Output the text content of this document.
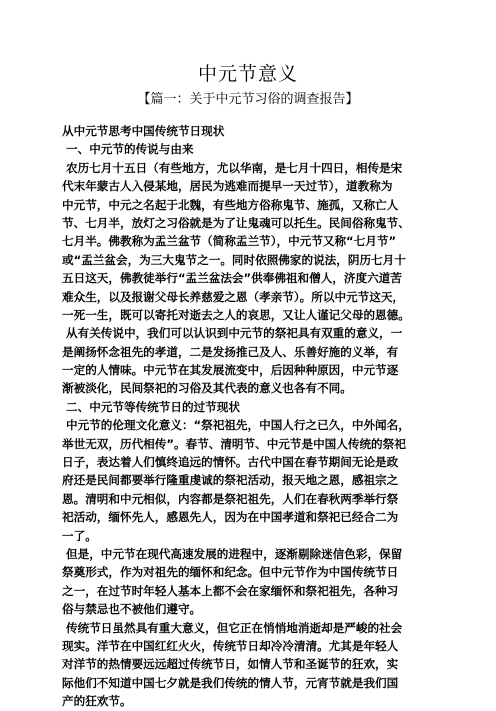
中元节意义
【篇一：关于中元节习俗的调查报告】
从中元节思考中国传统节日现状
一、中元节的传说与由来
农历七月十五日（有些地方，尤以华南，是七月十四日，相传是宋
代末年蒙古人入侵某地，居民为逃难而提早一天过节），道教称为
中元节，中元之名起于北魏，有些地方俗称鬼节、施孤，又称亡人
节、七月半，放灯之习俗就是为了让鬼魂可以托生。民间俗称鬼节、
七月半。佛教称为盂兰盆节（简称盂兰节），中元节又称“七月节”
或“盂兰盆会，为三大鬼节之一。同时依照佛家的说法，阴历七月十
五日这天，佛教徒举行“盂兰盆法会”供奉佛祖和僧人，济度六道苦
难众生，以及报谢父母长养慈爱之恩（孝亲节）。所以中元节这天，
一死一生，既可以寄托对逝去之人的哀思，又让人谨记父母的恩德。
从有关传说中，我们可以认识到中元节的祭祀具有双重的意义，一
是阐扬怀念祖先的孝道，二是发扬推己及人、乐善好施的义举，有
一定的人情味。中元节在其发展流变中，后因种种原因，中元节逐
渐被淡化，民间祭祀的习俗及其代表的意义也各有不同。
二、中元节等传统节日的过节现状
中元节的伦理文化意义：“祭祀祖先，中国人行之已久，中外闻名，
举世无双，历代相传”。春节、清明节、中元节是中国人传统的祭祀
日子，表达着人们慎终追远的情怀。古代中国在春节期间无论是政
府还是民间都要举行隆重虔诚的祭祀活动，报天地之恩，感祖宗之
恩。清明和中元相似，内容都是祭祀祖先，人们在春秋两季举行祭
祀活动，缅怀先人，感恩先人，因为在中国孝道和祭祀已经合二为
一了。
但是，中元节在现代高速发展的进程中，逐渐剔除迷信色彩，保留
祭奠形式，作为对祖先的缅怀和纪念。但中元节作为中国传统节日
之一，在过节时年轻人基本上都不会在家缅怀和祭祀祖先，各种习
俗与禁忌也不被他们遵守。
传统节日虽然具有重大意义，但它正在悄悄地消逝却是严峻的社会
现实。洋节在中国红红火火，传统节日却冷冷清清。尤其是年轻人
对洋节的热情要远远超过传统节日，如情人节和圣诞节的狂欢，实
际他们不知道中国七夕就是我们传统的情人节，元宵节就是我们国
产的狂欢节。
